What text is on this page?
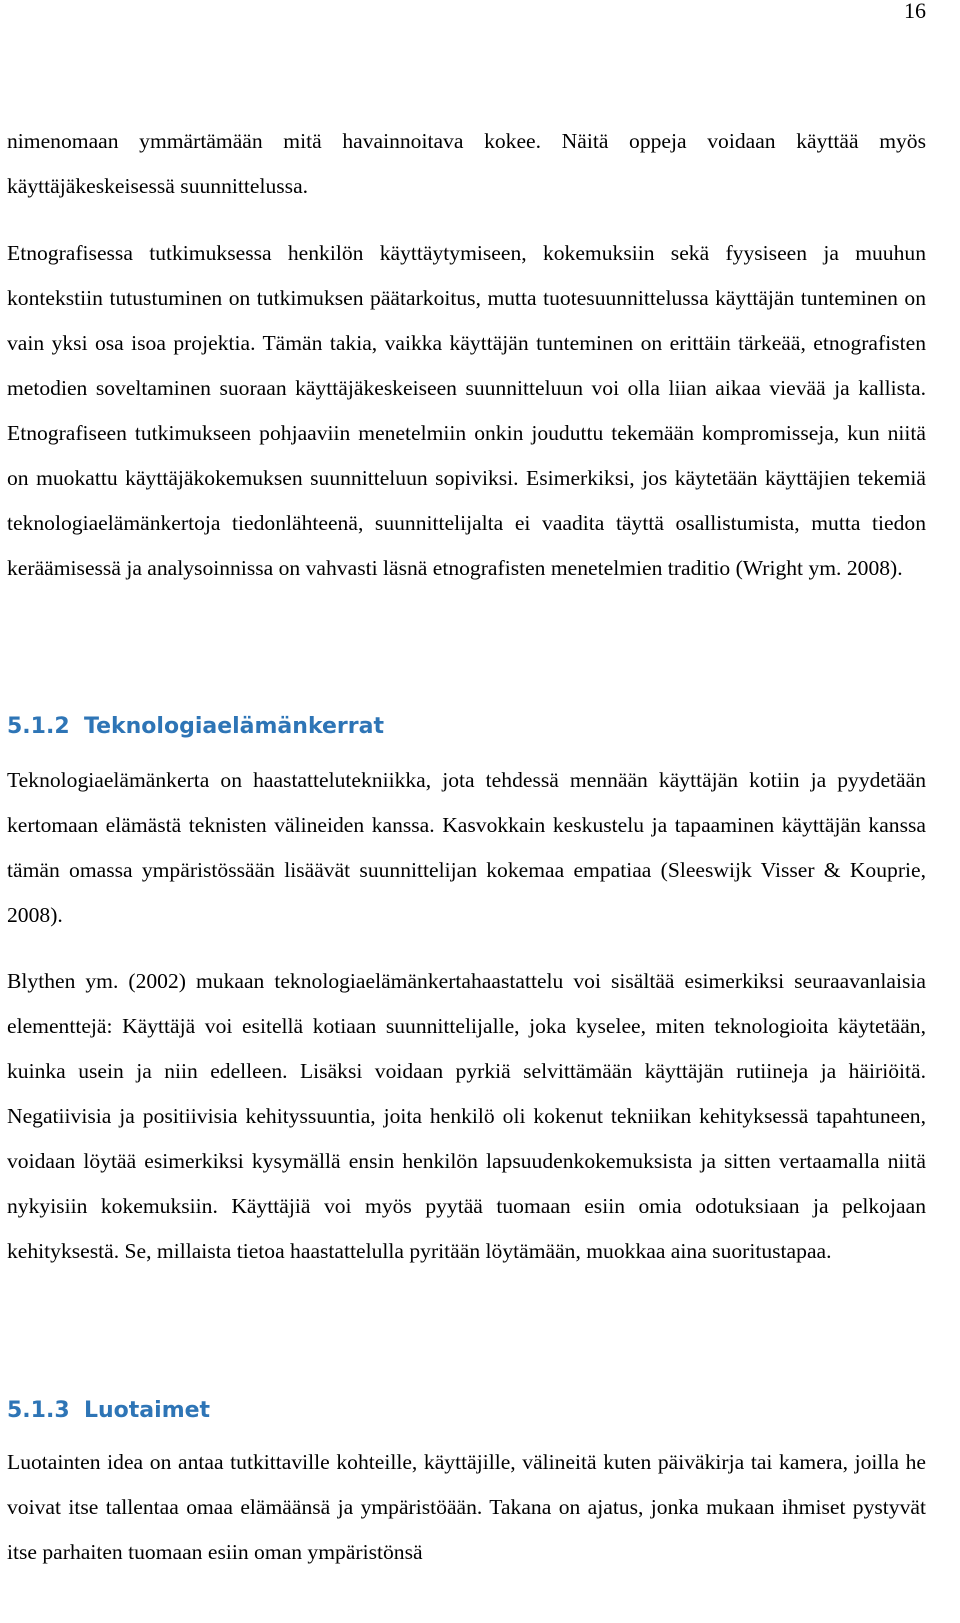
16

nimenomaan ymmärtämään mitä havainnoitava kokee. Näitä oppeja voidaan käyttää myös käyttäjäkeskeisessä suunnittelussa.

Etnografisessa tutkimuksessa henkilön käyttäytymiseen, kokemuksiin sekä fyysiseen ja muuhun kontekstiin tutustuminen on tutkimuksen päätarkoitus, mutta tuotesuunnittelussa käyttäjän tunteminen on vain yksi osa isoa projektia. Tämän takia, vaikka käyttäjän tunteminen on erittäin tärkeää, etnografisten metodien soveltaminen suoraan käyttäjäkeskeiseen suunnitteluun voi olla liian aikaa vievää ja kallista. Etnografiseen tutkimukseen pohjaaviin menetelmiin onkin jouduttu tekemään kompromisseja, kun niitä on muokattu käyttäjäkokemuksen suunnitteluun sopiviksi. Esimerkiksi, jos käytetään käyttäjien tekemiä teknologiaelämänkertoja tiedonlähteenä, suunnittelijalta ei vaadita täyttä osallistumista, mutta tiedon keräämisessä ja analysoinnissa on vahvasti läsnä etnografisten menetelmien traditio (Wright ym. 2008).

5.1.2 Teknologiaelämänkerrat

Teknologiaelämänkerta on haastattelutekniikka, jota tehdessä mennään käyttäjän kotiin ja pyydetään kertomaan elämästä teknisten välineiden kanssa. Kasvokkain keskustelu ja tapaaminen käyttäjän kanssa tämän omassa ympäristössään lisäävät suunnittelijan kokemaa empatiaa (Sleeswijk Visser & Kouprie, 2008).

Blythen ym. (2002) mukaan teknologiaelämänkertahaastattelu voi sisältää esimerkiksi seuraavanlaisia elementtejä: Käyttäjä voi esitellä kotiaan suunnittelijalle, joka kyselee, miten teknologioita käytetään, kuinka usein ja niin edelleen. Lisäksi voidaan pyrkiä selvittämään käyttäjän rutiineja ja häiriöitä. Negatiivisia ja positiivisia kehityssuuntia, joita henkilö oli kokenut tekniikan kehityksessä tapahtuneen, voidaan löytää esimerkiksi kysymällä ensin henkilön lapsuudenkokemuksista ja sitten vertaamalla niitä nykyisiin kokemuksiin. Käyttäjiä voi myös pyytää tuomaan esiin omia odotuksiaan ja pelkojaan kehityksestä. Se, millaista tietoa haastattelulla pyritään löytämään, muokkaa aina suoritustapaa.

5.1.3 Luotaimet

Luotainten idea on antaa tutkittaville kohteille, käyttäjille, välineitä kuten päiväkirja tai kamera, joilla he voivat itse tallentaa omaa elämäänsä ja ympäristöään. Takana on ajatus, jonka mukaan ihmiset pystyvät itse parhaiten tuomaan esiin oman ympäristönsä
